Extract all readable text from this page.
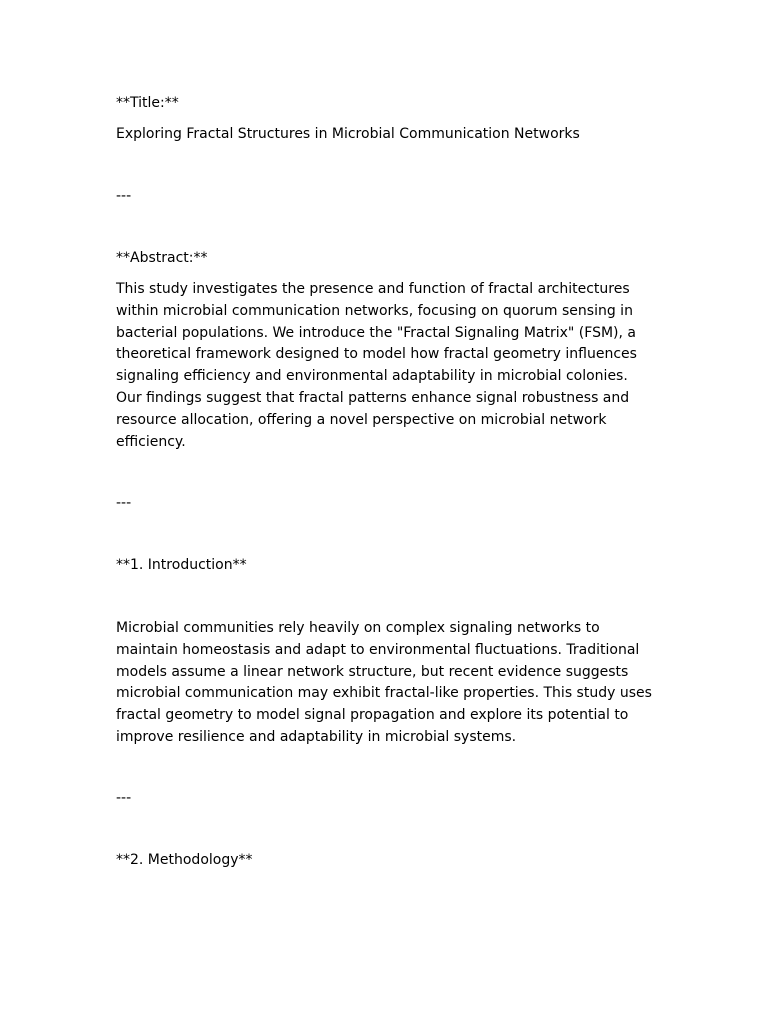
**Title:**

Exploring Fractal Structures in Microbial Communication Networks

---

**Abstract:**

This study investigates the presence and function of fractal architectures within microbial communication networks, focusing on quorum sensing in bacterial populations. We introduce the "Fractal Signaling Matrix" (FSM), a theoretical framework designed to model how fractal geometry influences signaling efficiency and environmental adaptability in microbial colonies. Our findings suggest that fractal patterns enhance signal robustness and resource allocation, offering a novel perspective on microbial network efficiency.

---

**1. Introduction**

Microbial communities rely heavily on complex signaling networks to maintain homeostasis and adapt to environmental fluctuations. Traditional models assume a linear network structure, but recent evidence suggests microbial communication may exhibit fractal-like properties. This study uses fractal geometry to model signal propagation and explore its potential to improve resilience and adaptability in microbial systems.

---

**2. Methodology**
